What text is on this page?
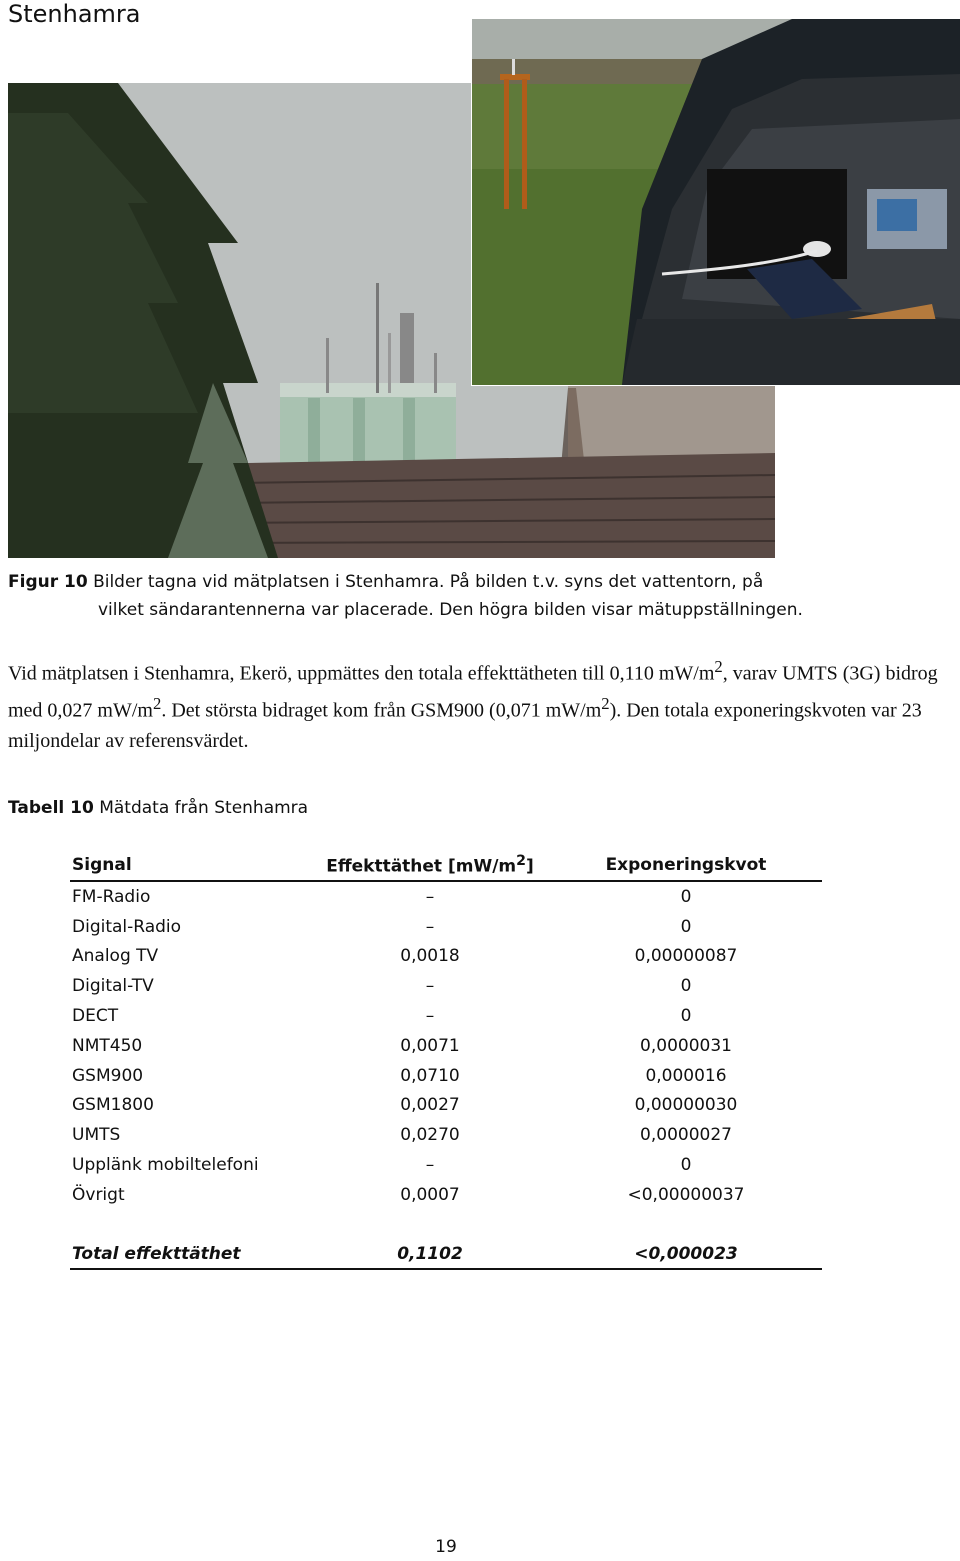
Stenhamra
Figur 10 Bilder tagna vid mätplatsen i Stenhamra. På bilden t.v. syns det vattentorn, på
vilket sändarantennerna var placerade. Den högra bilden visar mätuppställningen.
Vid mätplatsen i Stenhamra, Ekerö, uppmättes den totala effekttätheten till 0,110 $mW/m^2$, varav UMTS (3G) bidrog med 0,027 $mW/m^2$. Det största bidraget kom från GSM900 (0,071 $mW/m^2$). Den totala exponeringskvoten var 23 miljondelar av referensvärdet.
Tabell 10 Mätdata från Stenhamra
Signal	Effekttäthet $[mW/m^2]$	Exponeringskvot
FM-Radio	–	0
Digital-Radio	–	0
Analog TV	0,0018	0,00000087
Digital-TV	–	0
DECT	–	0
NMT450	0,0071	0,0000031
GSM900	0,0710	0,000016
GSM1800	0,0027	0,00000030
UMTS	0,0270	0,0000027
Upplänk mobiltelefoni	–	0
Övrigt	0,0007	<0,00000037

Total effekttäthet	0,1102	<0,000023
19
